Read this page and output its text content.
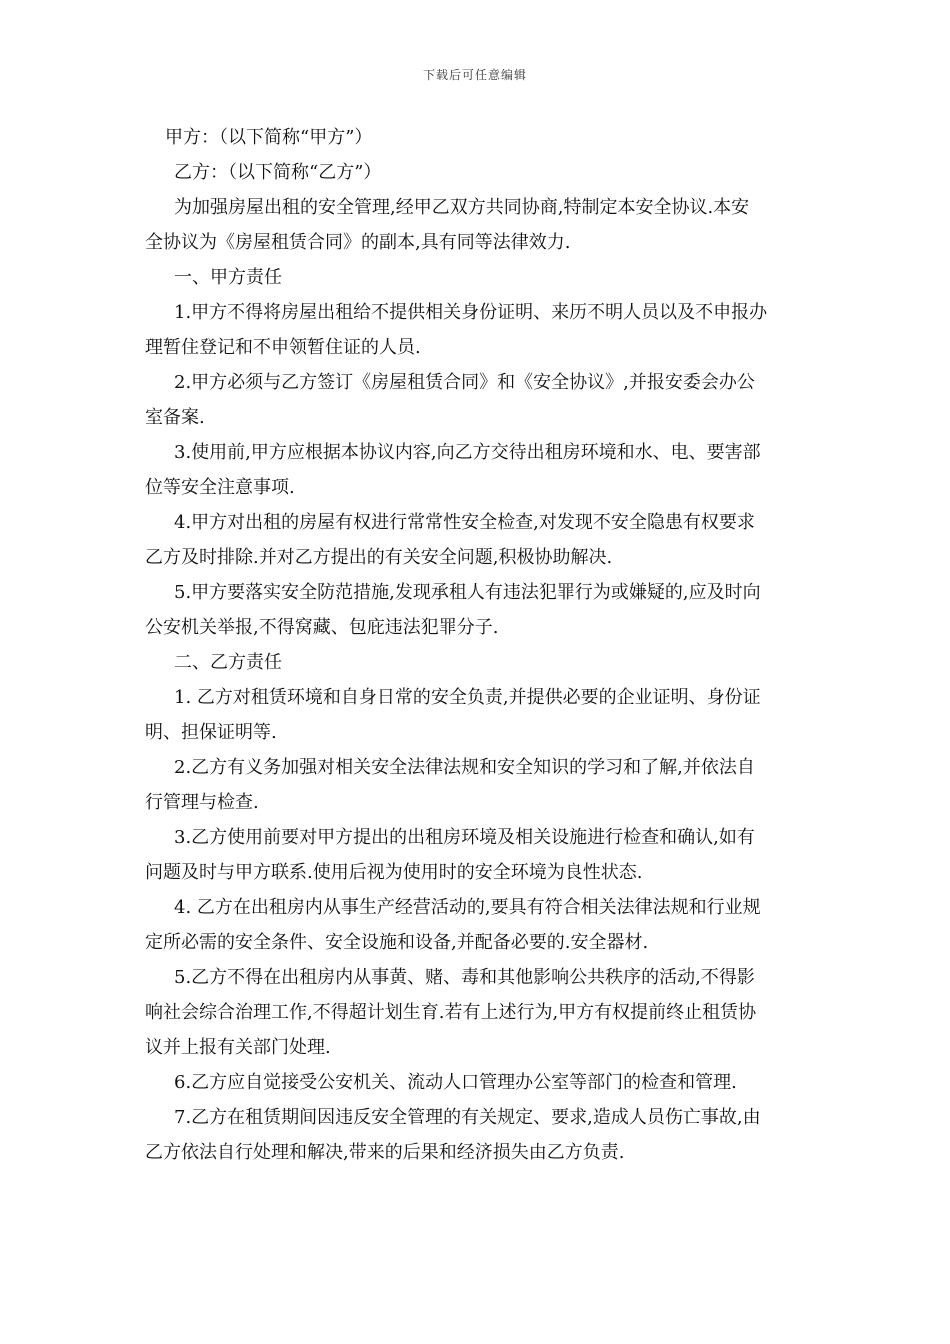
下载后可任意编辑
甲方：（以下简称“甲方”）
乙方：（以下简称“乙方”）
为加强房屋出租的安全管理,经甲乙双方共同协商,特制定本安全协议.本安
全协议为《房屋租赁合同》的副本,具有同等法律效力.
一、甲方责任
1.甲方不得将房屋出租给不提供相关身份证明、来历不明人员以及不申报办
理暂住登记和不申领暂住证的人员.
2.甲方必须与乙方签订《房屋租赁合同》和《安全协议》,并报安委会办公
室备案.
3.使用前,甲方应根据本协议内容,向乙方交待出租房环境和水、电、要害部
位等安全注意事项.
4.甲方对出租的房屋有权进行常常性安全检查,对发现不安全隐患有权要求
乙方及时排除.并对乙方提出的有关安全问题,积极协助解决.
5.甲方要落实安全防范措施,发现承租人有违法犯罪行为或嫌疑的,应及时向
公安机关举报,不得窝藏、包庇违法犯罪分子.
二、乙方责任
1. 乙方对租赁环境和自身日常的安全负责,并提供必要的企业证明、身份证
明、担保证明等.
2.乙方有义务加强对相关安全法律法规和安全知识的学习和了解,并依法自
行管理与检查.
3.乙方使用前要对甲方提出的出租房环境及相关设施进行检查和确认,如有
问题及时与甲方联系.使用后视为使用时的安全环境为良性状态.
4. 乙方在出租房内从事生产经营活动的,要具有符合相关法律法规和行业规
定所必需的安全条件、安全设施和设备,并配备必要的.安全器材.
5.乙方不得在出租房内从事黄、赌、毒和其他影响公共秩序的活动,不得影
响社会综合治理工作,不得超计划生育.若有上述行为,甲方有权提前终止租赁协
议并上报有关部门处理.
6.乙方应自觉接受公安机关、流动人口管理办公室等部门的检查和管理.
7.乙方在租赁期间因违反安全管理的有关规定、要求,造成人员伤亡事故,由
乙方依法自行处理和解决,带来的后果和经济损失由乙方负责.
